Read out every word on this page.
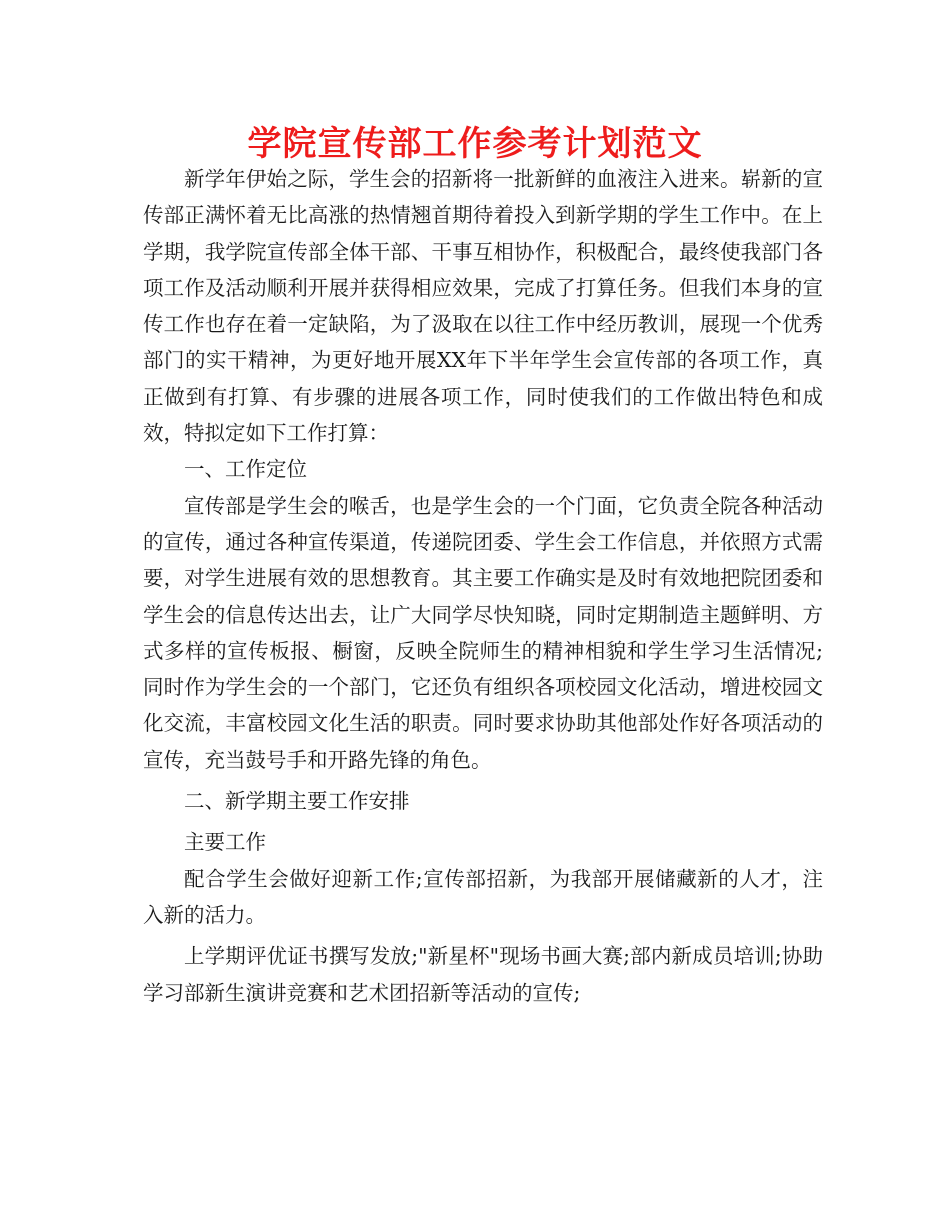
学院宣传部工作参考计划范文

新学年伊始之际，学生会的招新将一批新鲜的血液注入进来。崭新的宣传部正满怀着无比高涨的热情翘首期待着投入到新学期的学生工作中。在上学期，我学院宣传部全体干部、干事互相协作，积极配合，最终使我部门各项工作及活动顺利开展并获得相应效果，完成了打算任务。但我们本身的宣传工作也存在着一定缺陷，为了汲取在以往工作中经历教训，展现一个优秀部门的实干精神，为更好地开展XX年下半年学生会宣传部的各项工作，真正做到有打算、有步骤的进展各项工作，同时使我们的工作做出特色和成效，特拟定如下工作打算：

一、工作定位

宣传部是学生会的喉舌，也是学生会的一个门面，它负责全院各种活动的宣传，通过各种宣传渠道，传递院团委、学生会工作信息，并依照方式需要，对学生进展有效的思想教育。其主要工作确实是及时有效地把院团委和学生会的信息传达出去，让广大同学尽快知晓，同时定期制造主题鲜明、方式多样的宣传板报、橱窗，反映全院师生的精神相貌和学生学习生活情况;同时作为学生会的一个部门，它还负有组织各项校园文化活动，增进校园文化交流，丰富校园文化生活的职责。同时要求协助其他部处作好各项活动的宣传，充当鼓号手和开路先锋的角色。

二、新学期主要工作安排

主要工作

配合学生会做好迎新工作;宣传部招新，为我部开展储藏新的人才，注入新的活力。

上学期评优证书撰写发放;"新星杯"现场书画大赛;部内新成员培训;协助学习部新生演讲竞赛和艺术团招新等活动的宣传;
